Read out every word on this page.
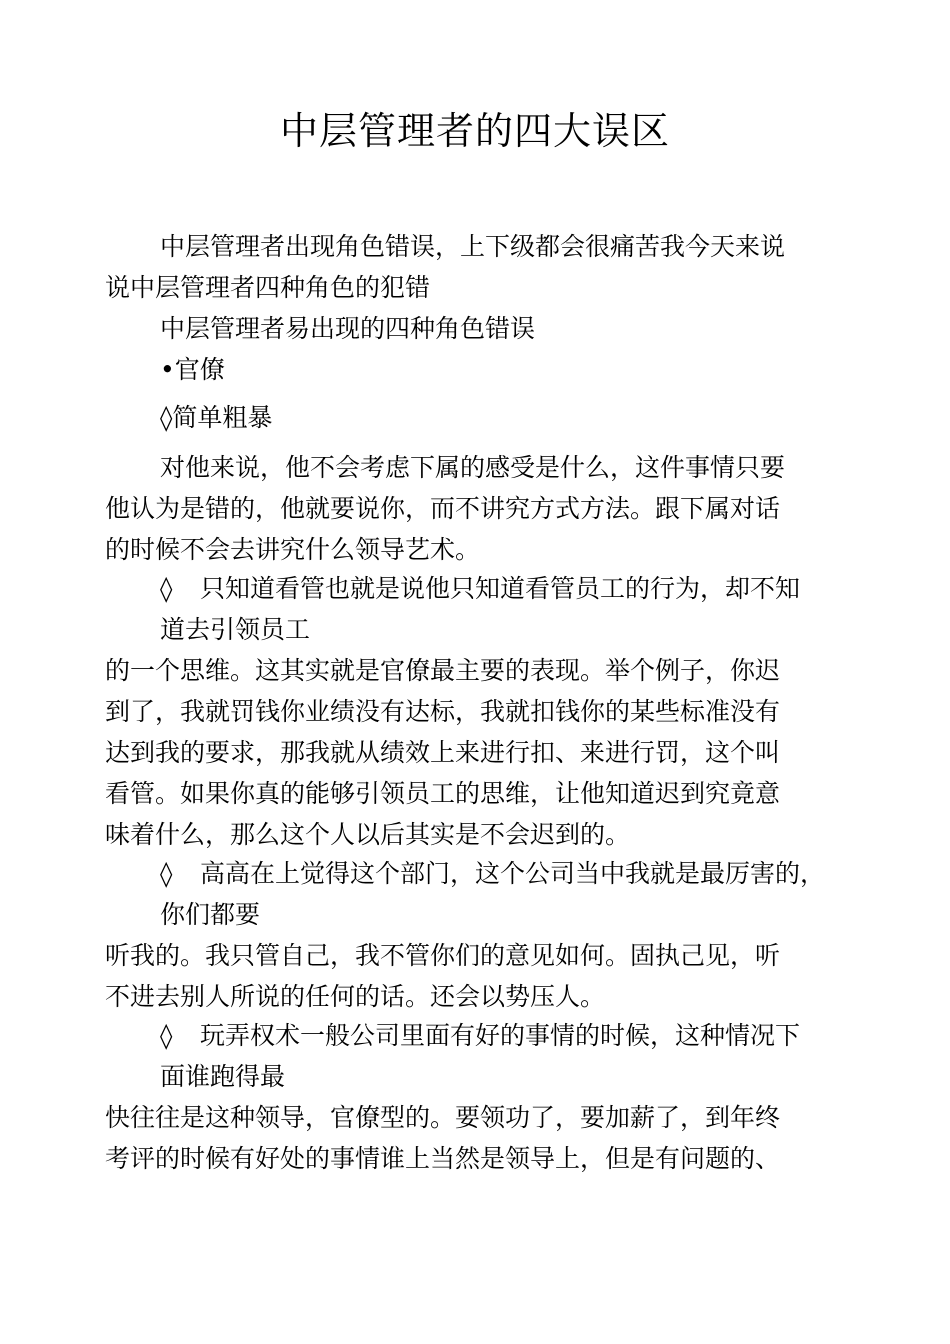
中层管理者的四大误区
中层管理者出现角色错误，上下级都会很痛苦我今天来说
说中层管理者四种角色的犯错
中层管理者易出现的四种角色错误
•官僚
◊简单粗暴
对他来说，他不会考虑下属的感受是什么，这件事情只要
他认为是错的，他就要说你，而不讲究方式方法。跟下属对话
的时候不会去讲究什么领导艺术。
◊ 只知道看管也就是说他只知道看管员工的行为，却不知
道去引领员工
的一个思维。这其实就是官僚最主要的表现。举个例子，你迟
到了，我就罚钱你业绩没有达标，我就扣钱你的某些标准没有
达到我的要求，那我就从绩效上来进行扣、来进行罚，这个叫
看管。如果你真的能够引领员工的思维，让他知道迟到究竟意
味着什么，那么这个人以后其实是不会迟到的。
◊ 高高在上觉得这个部门，这个公司当中我就是最厉害的，
你们都要
听我的。我只管自己，我不管你们的意见如何。固执己见，听
不进去别人所说的任何的话。还会以势压人。
◊ 玩弄权术一般公司里面有好的事情的时候，这种情况下
面谁跑得最
快往往是这种领导，官僚型的。要领功了，要加薪了，到年终
考评的时候有好处的事情谁上当然是领导上，但是有问题的、
